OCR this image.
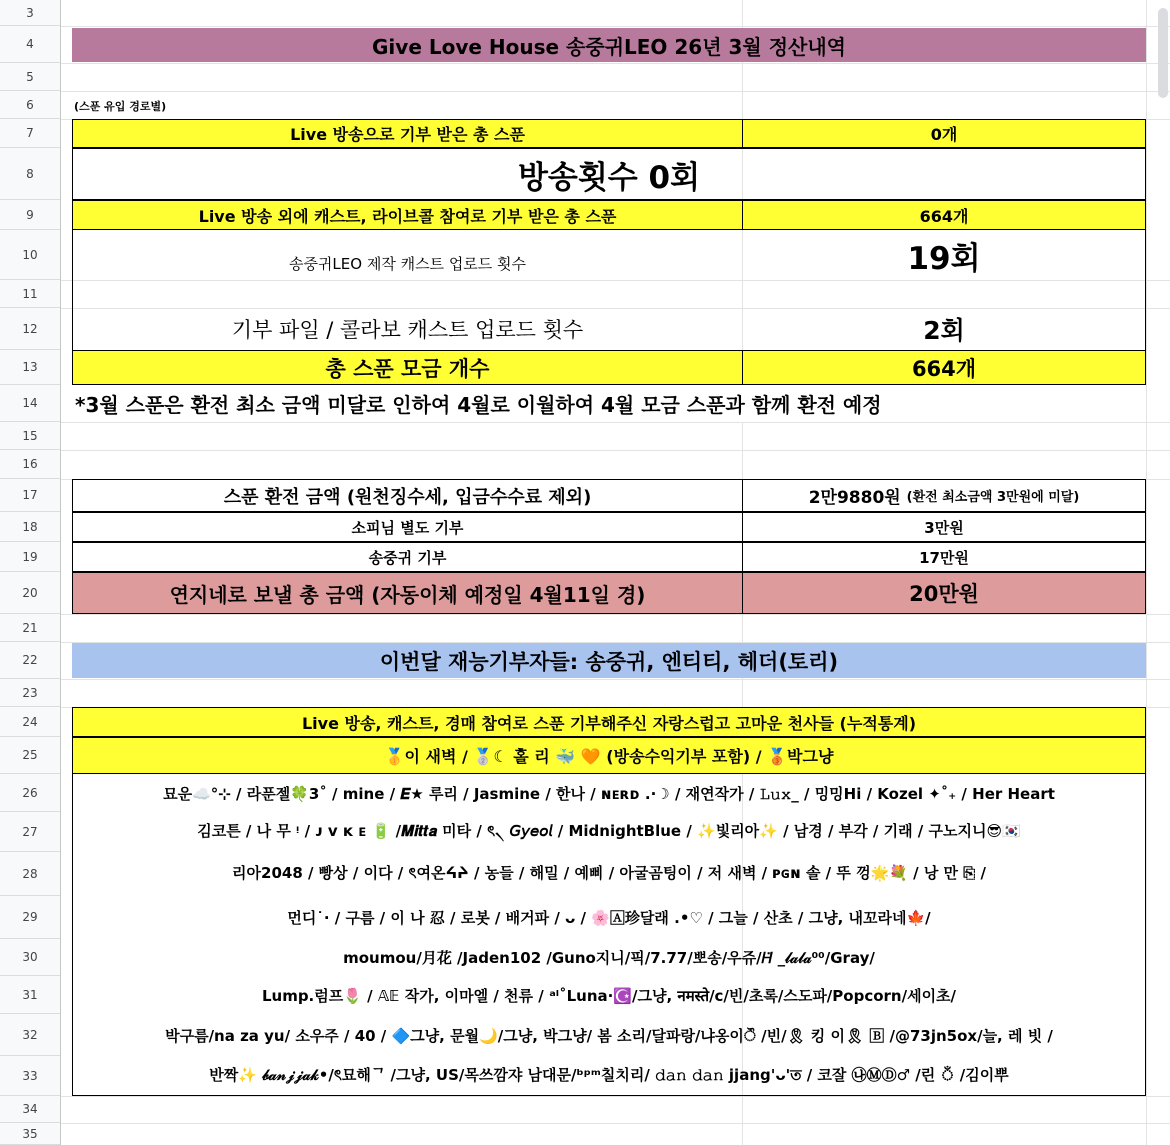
3
4
5
6
7
8
9
10
11
12
13
14
15
16
17
18
19
20
21
22
23
24
25
26
27
28
29
30
31
32
33
34
35
Give Love House 송중귀LEO 26년 3월 정산내역
(스푼 유입 경로별)
Live 방송으로 기부 받은 총 스푼	0개
방송횟수 0회
Live 방송 외에 캐스트, 라이브콜 참여로 기부 받은 총 스푼	664개
송중귀LEO 제작 캐스트 업로드 횟수	19회
기부 파일 / 콜라보 캐스트 업로드 횟수	2회
총 스푼 모금 개수	664개
*3월 스푼은 환전 최소 금액 미달로 인하여 4월로 이월하여 4월 모금 스푼과 함께 환전 예정
스푼 환전 금액 (원천징수세, 입금수수료 제외)	2만9880원
(환전 최소금액 3만원에 미달)
소피님 별도 기부	3만원
송중귀 기부	17만원
연지네로 보낼 총 금액 (자동이체 예정일 4월11일 경)	20만원
이번달 재능기부자들: 송중귀, 엔티티, 헤더(토리)
Live 방송, 캐스트, 경매 참여로 스푼 기부해주신 자랑스럽고 고마운 천사들 (누적통계)
🥇이 새벽 / 🥈☾ 홀 리 🐳 🧡 (방송수익기부 포함) / 🥉박그냥
묘운☁️°⊹ / 라푼젤🍀3˚ / mine / 𝑬★ 루리 / Jasmine / 한나 / ɴᴇʀᴅ .·☽ / 재연작가 / 𝙻𝚞𝚡_ / 밍밍Hi / Kozel ✦˚₊ / Her Heart
김코튼 / 나 무 ᵎ / ᴊ ᴠ ᴋ ᴇ 🔋 /𝑴𝒊𝒕𝒕𝒂 미타 / ৎ৲ 𝘎𝘺𝘦𝘰𝘭 / MidnightBlue / ✨빛리아✨ / 남경 / 부각 / 기래 / 구노지니😎🇰🇷
리아2048 / 빵상 / 이다 / ৎ여온ᔦᔨ / 농들 / 해밀 / 예삐 / 아굴곰팅이 / 저 새벽 / ᴘɢɴ 솔 / 뚜 껑🌟💐 / 낭 만 ⎘ /
먼디˙· / 구름 / 이 나 忍 / 로봇 / 배거파 / ᴗ / 🌸🄰珍달래 .•♡ / 그늘 / 산초 / 그냥, 내꼬라네🍁/
moumou/月花 /Jaden102 /Guno지니/픽/7.77/뽀송/우쥬/𝐻̈ _𝓁𝒶𝓁𝒶⁰⁰/Gray/
Lump.럼프🌷 / 𝔸𝔼 작가, 이마엘 / 천류 / ᵃˡ˚Luna·☪️/그냥, नमस्ते/c/빈/초록/스도파/Popcorn/세이초/
박구름/na za yu/ 소우주 / 40 / 🔷그냥, 문월🌙/그냥, 박그냥/ 봄 소리/달파랑/냐옹이ੌ /빈/🎗 킹 이🎗 🄱 /@73jn5ox/늘, 레 빗 /
반짝✨ 𝒷𝒶𝓃𝒿𝒿𝒶𝓀•/ৎ묘해ᄀ /그냥, US/목쓰깜쟈 남대문/ᵇᵖᵐ칠치리/ 𝚍𝚊𝚗 𝚍𝚊𝚗 jjang'ᴗ'ত / 코잘 ㉯ⓂⒹ♂ /린 ঁ /김이뿌
